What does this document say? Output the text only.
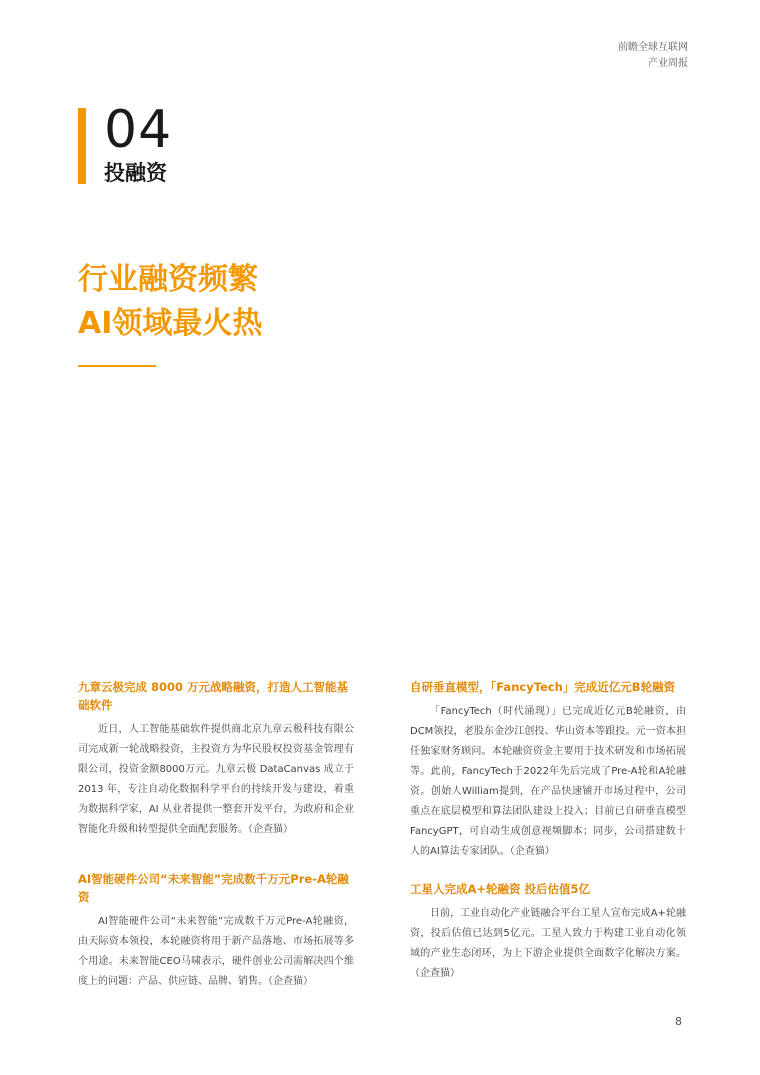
前瞻全球互联网
产业周报
04
投融资
行业融资频繁
AI领域最火热

九章云极完成 8000 万元战略融资，打造人工智能基础软件

近日，人工智能基础软件提供商北京九章云极科技有限公司完成新一轮战略投资，主投资方为华民股权投资基金管理有限公司，投资金额8000万元。九章云极 DataCanvas 成立于 2013 年，专注自动化数据科学平台的持续开发与建设，着重为数据科学家，AI 从业者提供一整套开发平台，为政府和企业智能化升级和转型提供全面配套服务。（企查猫）

AI智能硬件公司“未来智能”完成数千万元Pre-A轮融资

AI智能硬件公司“未来智能”完成数千万元Pre-A轮融资，由天际资本领投，本轮融资将用于新产品落地、市场拓展等多个用途。未来智能CEO马啸表示，硬件创业公司需解决四个维度上的问题：产品、供应链、品牌、销售。（企查猫）

自研垂直模型，「FancyTech」完成近亿元B轮融资

「FancyTech（时代涌现）」已完成近亿元B轮融资，由DCM领投，老股东金沙江创投、华山资本等跟投。元一资本担任独家财务顾问。本轮融资资金主要用于技术研发和市场拓展等。此前，FancyTech于2022年先后完成了Pre-A轮和A轮融资。创始人William提到，在产品快速铺开市场过程中，公司重点在底层模型和算法团队建设上投入；目前已自研垂直模型FancyGPT，可自动生成创意视频脚本；同步，公司搭建数十人的AI算法专家团队。（企查猫）

工星人完成A+轮融资 投后估值5亿

日前，工业自动化产业链融合平台工星人宣布完成A+轮融资，投后估值已达到5亿元。工星人致力于构建工业自动化领域的产业生态闭环，为上下游企业提供全面数字化解决方案。（企查猫）

8
